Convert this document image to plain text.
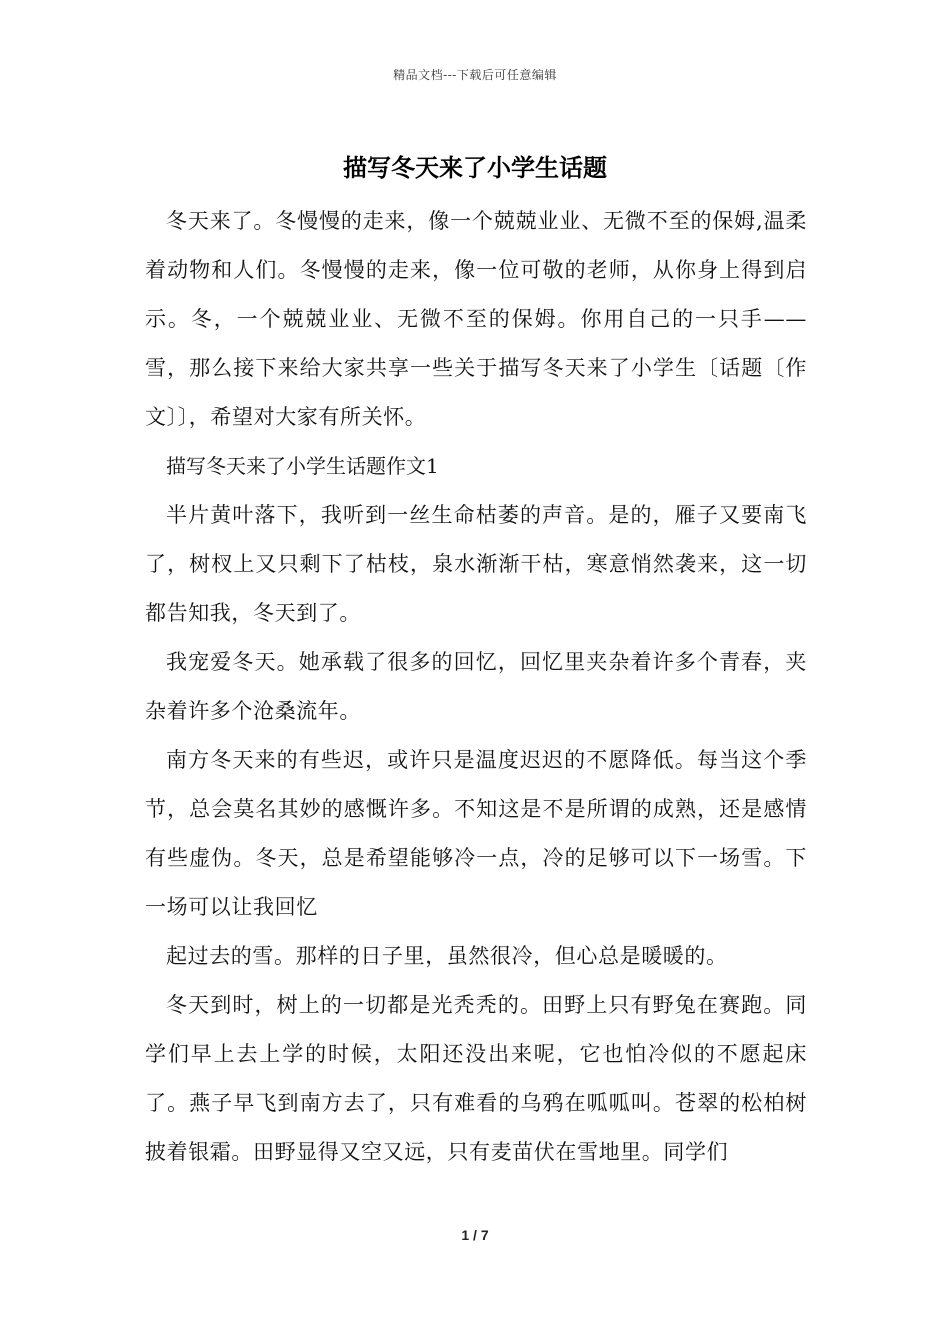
精品文档---下载后可任意编辑
描写冬天来了小学生话题

冬天来了。冬慢慢的走来，像一个兢兢业业、无微不至的保姆,温柔着动物和人们。冬慢慢的走来，像一位可敬的老师，从你身上得到启示。冬，一个兢兢业业、无微不至的保姆。你用自己的一只手——雪，那么接下来给大家共享一些关于描写冬天来了小学生〔话题〔作文〕〕，希望对大家有所关怀。

描写冬天来了小学生话题作文1

半片黄叶落下，我听到一丝生命枯萎的声音。是的，雁子又要南飞了，树杈上又只剩下了枯枝，泉水渐渐干枯，寒意悄然袭来，这一切都告知我，冬天到了。

我宠爱冬天。她承载了很多的回忆，回忆里夹杂着许多个青春，夹杂着许多个沧桑流年。

南方冬天来的有些迟，或许只是温度迟迟的不愿降低。每当这个季节，总会莫名其妙的感慨许多。不知这是不是所谓的成熟，还是感情有些虚伪。冬天，总是希望能够冷一点，冷的足够可以下一场雪。下一场可以让我回忆

起过去的雪。那样的日子里，虽然很冷，但心总是暖暖的。

冬天到时，树上的一切都是光秃秃的。田野上只有野兔在赛跑。同学们早上去上学的时候，太阳还没出来呢，它也怕冷似的不愿起床了。燕子早飞到南方去了，只有难看的乌鸦在呱呱叫。苍翠的松柏树披着银霜。田野显得又空又远，只有麦苗伏在雪地里。同学们

1 / 7
